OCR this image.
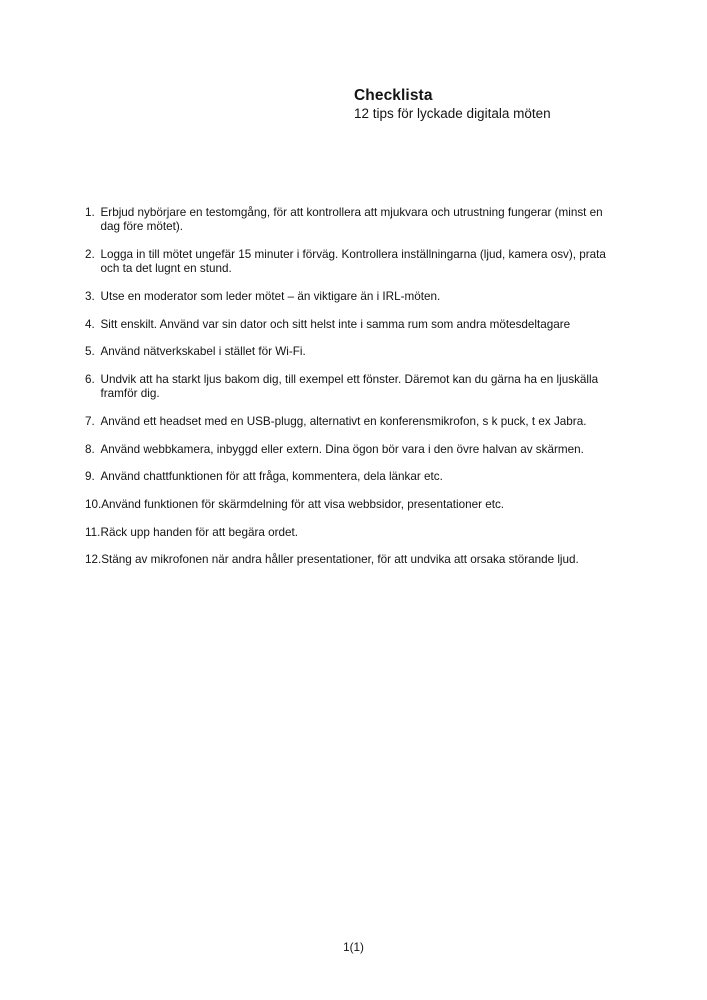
Checklista

12 tips för lyckade digitala möten

1. Erbjud nybörjare en testomgång, för att kontrollera att mjukvara och utrustning fungerar (minst en dag före mötet).
2. Logga in till mötet ungefär 15 minuter i förväg. Kontrollera inställningarna (ljud, kamera osv), prata och ta det lugnt en stund.
3. Utse en moderator som leder mötet – än viktigare än i IRL-möten.
4. Sitt enskilt. Använd var sin dator och sitt helst inte i samma rum som andra mötesdeltagare
5. Använd nätverkskabel i stället för Wi-Fi.
6. Undvik att ha starkt ljus bakom dig, till exempel ett fönster. Däremot kan du gärna ha en ljuskälla framför dig.
7. Använd ett headset med en USB-plugg, alternativt en konferensmikrofon, s k puck, t ex Jabra.
8. Använd webbkamera, inbyggd eller extern. Dina ögon bör vara i den övre halvan av skärmen.
9. Använd chattfunktionen för att fråga, kommentera, dela länkar etc.
10.Använd funktionen för skärmdelning för att visa webbsidor, presentationer etc.
11.Räck upp handen för att begära ordet.
12.Stäng av mikrofonen när andra håller presentationer, för att undvika att orsaka störande ljud.
1(1)
